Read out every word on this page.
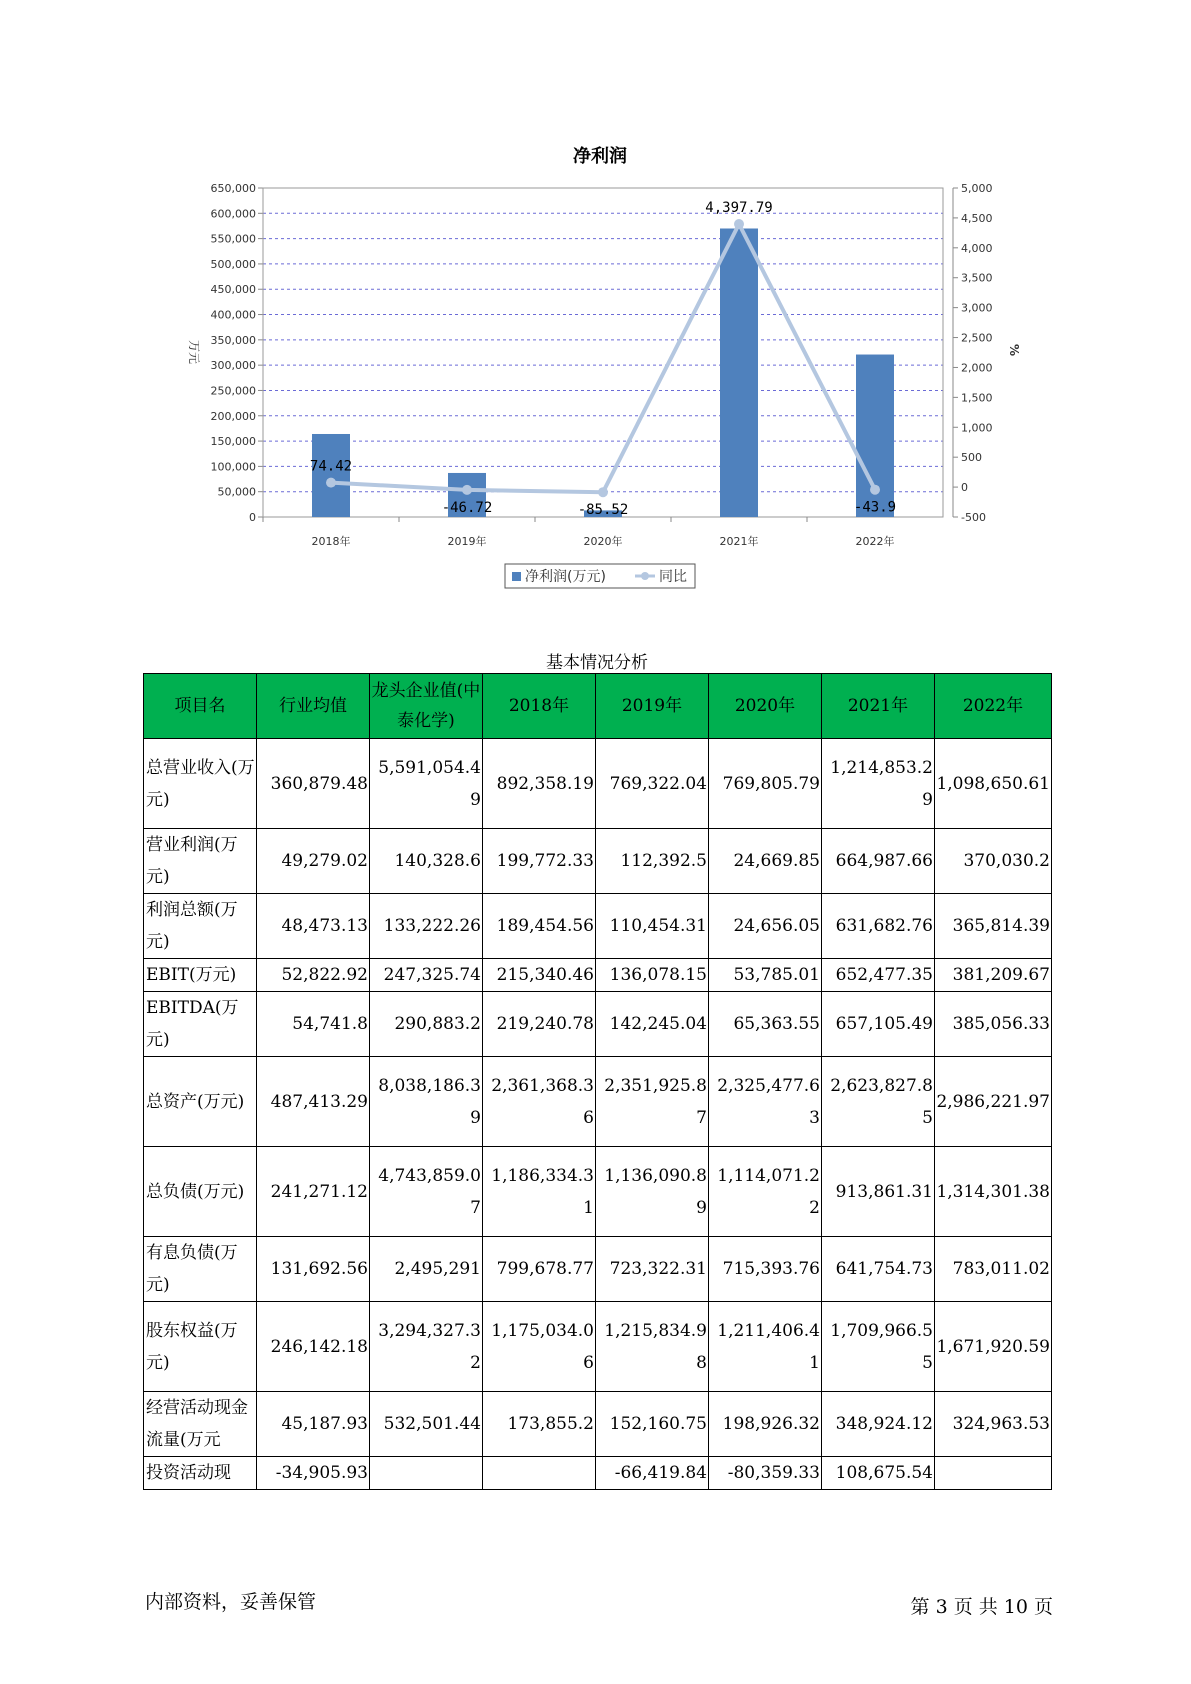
净利润
0
50,000
100,000
150,000
200,000
250,000
300,000
350,000
400,000
450,000
500,000
550,000
600,000
650,000
-500
0
500
1,000
1,500
2,000
2,500
3,000
3,500
4,000
4,500
5,000
2018年	2019年	2020年	2021年	2022年
万元	%
74.42
-46.72	-85.52
4,397.79
-43.9
净利润(万元)	同比
基本情况分析
项目名	行业均值	龙头企业值(中泰化学)	2018年	2019年	2020年	2021年	2022年
总营业收入(万元)	360,879.48	5,591,054.49	892,358.19	769,322.04	769,805.79	1,214,853.29	1,098,650.61
营业利润(万元)	49,279.02	140,328.6	199,772.33	112,392.5	24,669.85	664,987.66	370,030.2
利润总额(万元)	48,473.13	133,222.26	189,454.56	110,454.31	24,656.05	631,682.76	365,814.39
EBIT(万元)	52,822.92	247,325.74	215,340.46	136,078.15	53,785.01	652,477.35	381,209.67
EBITDA(万元)	54,741.8	290,883.2	219,240.78	142,245.04	65,363.55	657,105.49	385,056.33
总资产(万元)	487,413.29	8,038,186.39	2,361,368.36	2,351,925.87	2,325,477.63	2,623,827.85	2,986,221.97
总负债(万元)	241,271.12	4,743,859.07	1,186,334.31	1,136,090.89	1,114,071.22	913,861.31	1,314,301.38
有息负债(万元)	131,692.56	2,495,291	799,678.77	723,322.31	715,393.76	641,754.73	783,011.02
股东权益(万元)	246,142.18	3,294,327.32	1,175,034.06	1,215,834.98	1,211,406.41	1,709,966.55	1,671,920.59
经营活动现金流量(万元	45,187.93	532,501.44	173,855.2	152,160.75	198,926.32	348,924.12	324,963.53
投资活动现	-34,905.93			-66,419.84	-80,359.33	108,675.54	
内部资料，妥善保管	第 3 页 共 10 页
